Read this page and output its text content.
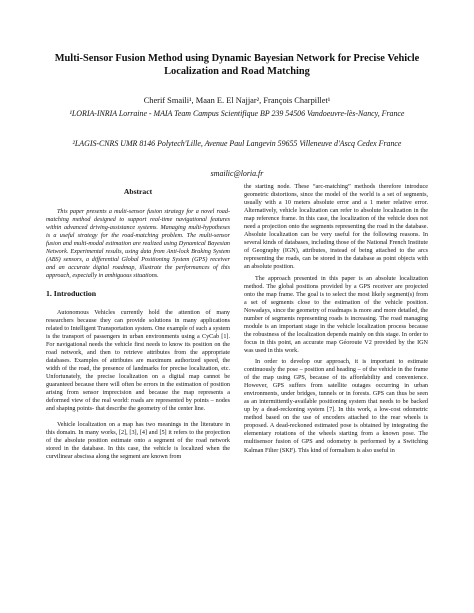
Multi-Sensor Fusion Method using Dynamic Bayesian Network for Precise Vehicle Localization and Road Matching
Cherif Smaili¹, Maan E. El Najjar², François Charpillet¹
¹LORIA-INRIA Lorraine - MAIA Team Campus Scientifique BP 239 54506 Vandoeuvre-lès-Nancy, France
²LAGIS-CNRS UMR 8146 Polytech'Lille, Avenue Paul Langevin 59655 Villeneuve d'Ascq Cedex France
smailic@loria.fr
Abstract

This paper presents a multi-sensor fusion strategy for a novel road-matching method designed to support real-time navigational features within advanced driving-assistance systems. Managing multi-hypotheses is a useful strategy for the road-matching problem. The multi-sensor fusion and multi-modal estimation are realized using Dynamical Bayesian Network. Experimental results, using data from Anti-lock Braking System (ABS) sensors, a differential Global Positioning System (GPS) receiver and an accurate digital roadmap, illustrate the performances of this approach, especially in ambiguous situations.

1. Introduction

Autonomous Vehicles currently hold the attention of many researchers because they can provide solutions in many applications related to Intelligent Transportation system. One example of such a system is the transport of passengers in urban environments using a CyCab [1]. For navigational needs the vehicle first needs to know its position on the road network, and then to retrieve attributes from the appropriate databases. Examples of attributes are maximum authorized speed, the width of the road, the presence of landmarks for precise localization, etc. Unfortunately, the precise localization on a digital map cannot be guaranteed because there will often be errors in the estimation of position arising from sensor imprecision and because the map represents a deformed view of the real world: roads are represented by points – nodes and shaping points- that describe the geometry of the center line.

Vehicle localization on a map has two meanings in the literature in this domain. In many works, [2], [3], [4] and [5] it refers to the projection of the absolute position estimate onto a segment of the road network stored in the database. In this case, the vehicle is localized when the curvilinear abscissa along the segment are known from

the starting node. These “arc-matching” methods therefore introduce geometric distortions, since the model of the world is a set of segments, usually with a 10 meters absolute error and a 1 meter relative error. Alternatively, vehicle localization can refer to absolute localization in the map reference frame. In this case, the localization of the vehicle does not need a projection onto the segments representing the road in the database. Absolute localization can be very useful for the following reasons. In several kinds of databases, including those of the National French Institute of Geography (IGN), attributes, instead of being attached to the arcs representing the roads, can be stored in the database as point objects with an absolute position.

The approach presented in this paper is an absolute localization method. The global positions provided by a GPS receiver are projected onto the map frame. The goal is to select the most likely segment(s) from a set of segments close to the estimation of the vehicle position. Nowadays, since the geometry of roadmaps is more and more detailed, the number of segments representing roads is increasing. The road managing module is an important stage in the vehicle localization process because the robustness of the localization depends mainly on this stage. In order to focus in this point, an accurate map Géoroute V2 provided by the IGN was used in this work.

In order to develop our approach, it is important to estimate continuously the pose – position and heading – of the vehicle in the frame of the map using GPS, because of its affordability and convenience. However, GPS suffers from satellite outages occurring in urban environments, under bridges, tunnels or in forests. GPS can thus be seen as an intermittently-available positioning system that needs to be backed up by a dead-reckoning system [7]. In this work, a low-cost odometric method based on the use of encoders attached to the rear wheels is proposed. A dead-reckoned estimated pose is obtained by integrating the elementary rotations of the wheels starting from a known pose. The multisensor fusion of GPS and odometry is performed by a Switching Kalman Filter (SKF). This kind of formalism is also useful in
